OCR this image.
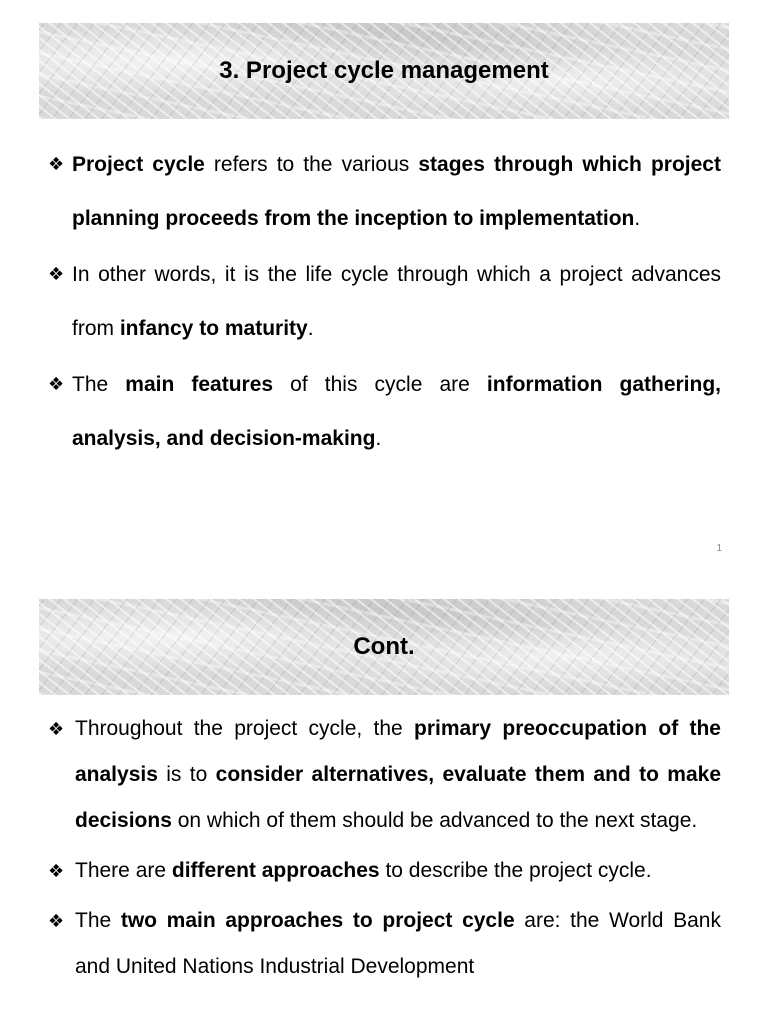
3. Project cycle management
❖ Project cycle refers to the various stages through which project planning proceeds from the inception to implementation.
❖ In other words, it is the life cycle through which a project advances from infancy to maturity.
❖ The main features of this cycle are information gathering, analysis, and decision-making.
1
Cont.
❖ Throughout the project cycle, the primary preoccupation of the analysis is to consider alternatives, evaluate them and to make decisions on which of them should be advanced to the next stage.
❖ There are different approaches to describe the project cycle.
❖ The two main approaches to project cycle are: the World Bank and United Nations Industrial Development
